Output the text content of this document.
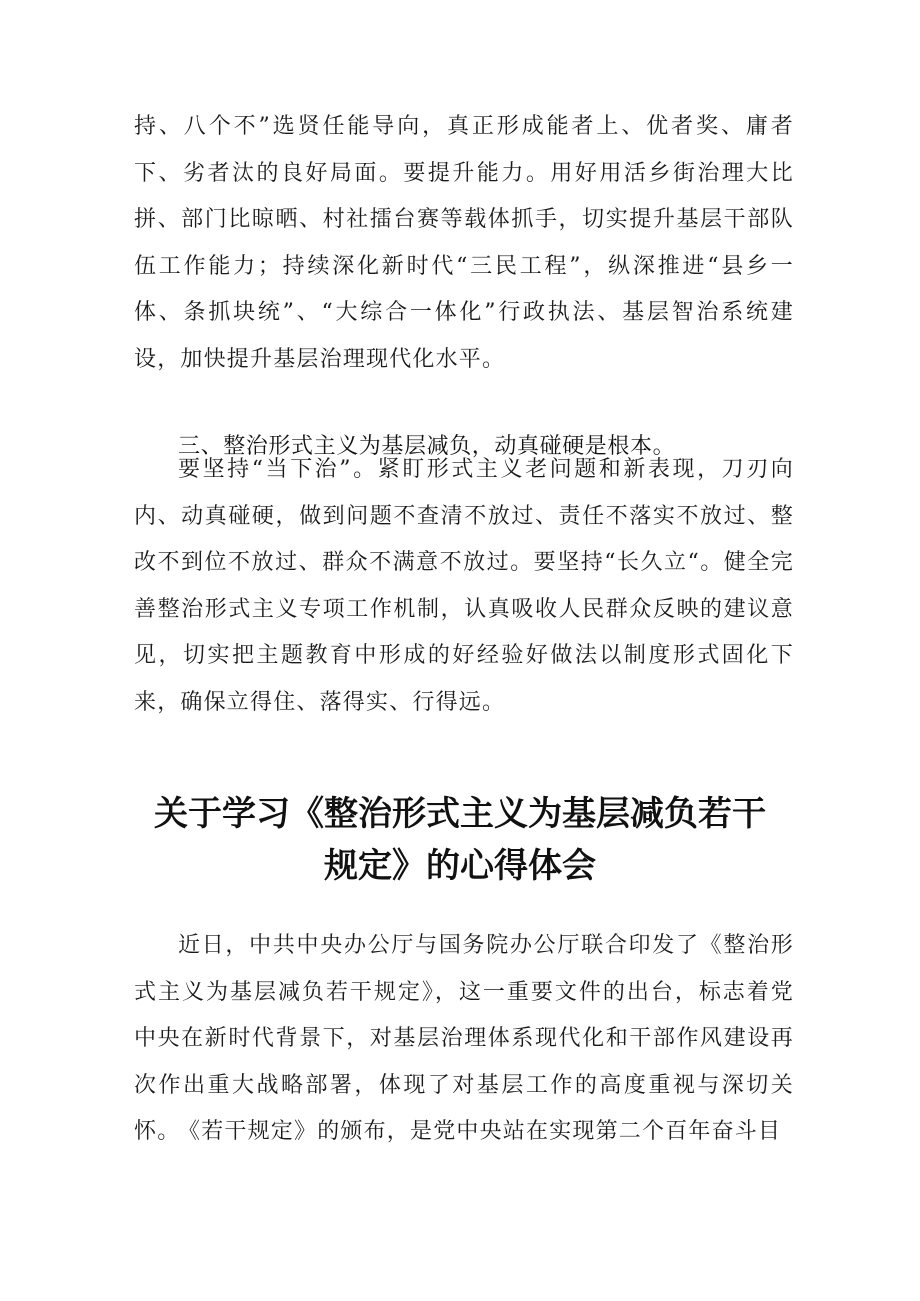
持、八个不”选贤任能导向，真正形成能者上、优者奖、庸者下、劣者汰的良好局面。要提升能力。用好用活乡街治理大比拼、部门比晾晒、村社擂台赛等载体抓手，切实提升基层干部队伍工作能力；持续深化新时代“三民工程”，纵深推进“县乡一体、条抓块统”、“大综合一体化”行政执法、基层智治系统建设，加快提升基层治理现代化水平。

三、整治形式主义为基层减负，动真碰硬是根本。

要坚持“当下治”。紧盯形式主义老问题和新表现，刀刃向内、动真碰硬，做到问题不查清不放过、责任不落实不放过、整改不到位不放过、群众不满意不放过。要坚持“长久立“。健全完善整治形式主义专项工作机制，认真吸收人民群众反映的建议意见，切实把主题教育中形成的好经验好做法以制度形式固化下来，确保立得住、落得实、行得远。

关于学习《整治形式主义为基层减负若干
规定》的心得体会

近日，中共中央办公厅与国务院办公厅联合印发了《整治形式主义为基层减负若干规定》，这一重要文件的出台，标志着党中央在新时代背景下，对基层治理体系现代化和干部作风建设再次作出重大战略部署，体现了对基层工作的高度重视与深切关怀。

《若干规定》的颁布，是党中央站在实现第二个百年奋斗目
